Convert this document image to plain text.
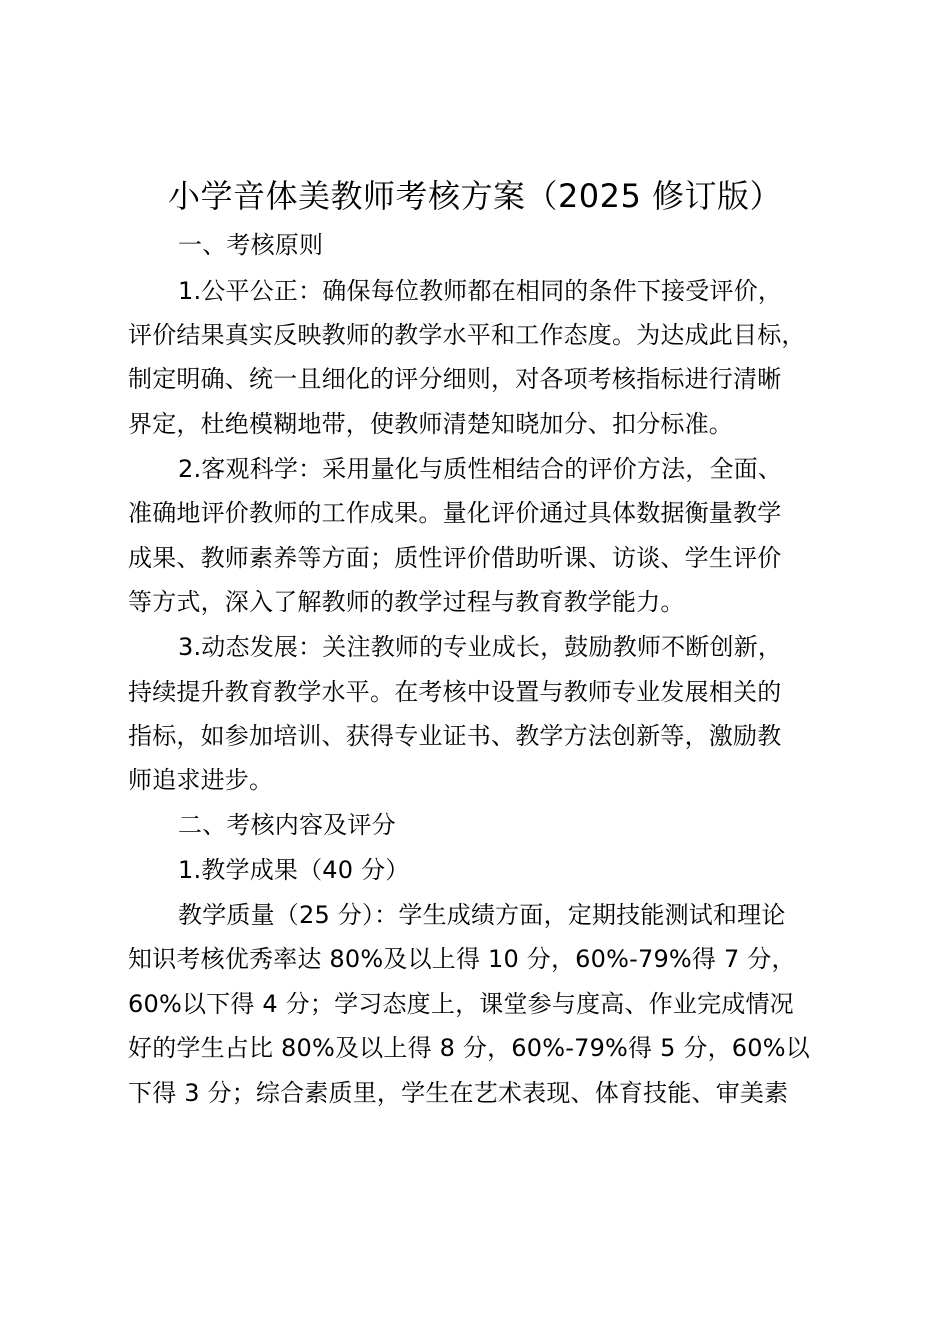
小学音体美教师考核方案（2025 修订版）
一、考核原则
1.公平公正：确保每位教师都在相同的条件下接受评价，
评价结果真实反映教师的教学水平和工作态度。为达成此目标，
制定明确、统一且细化的评分细则，对各项考核指标进行清晰
界定，杜绝模糊地带，使教师清楚知晓加分、扣分标准。
2.客观科学：采用量化与质性相结合的评价方法，全面、
准确地评价教师的工作成果。量化评价通过具体数据衡量教学
成果、教师素养等方面；质性评价借助听课、访谈、学生评价
等方式，深入了解教师的教学过程与教育教学能力。
3.动态发展：关注教师的专业成长，鼓励教师不断创新，
持续提升教育教学水平。在考核中设置与教师专业发展相关的
指标，如参加培训、获得专业证书、教学方法创新等，激励教
师追求进步。
二、考核内容及评分
1.教学成果（40 分）
教学质量（25 分）：学生成绩方面，定期技能测试和理论
知识考核优秀率达 80%及以上得 10 分，60%-79%得 7 分，
60%以下得 4 分；学习态度上，课堂参与度高、作业完成情况
好的学生占比 80%及以上得 8 分，60%-79%得 5 分，60%以
下得 3 分；综合素质里，学生在艺术表现、体育技能、审美素
